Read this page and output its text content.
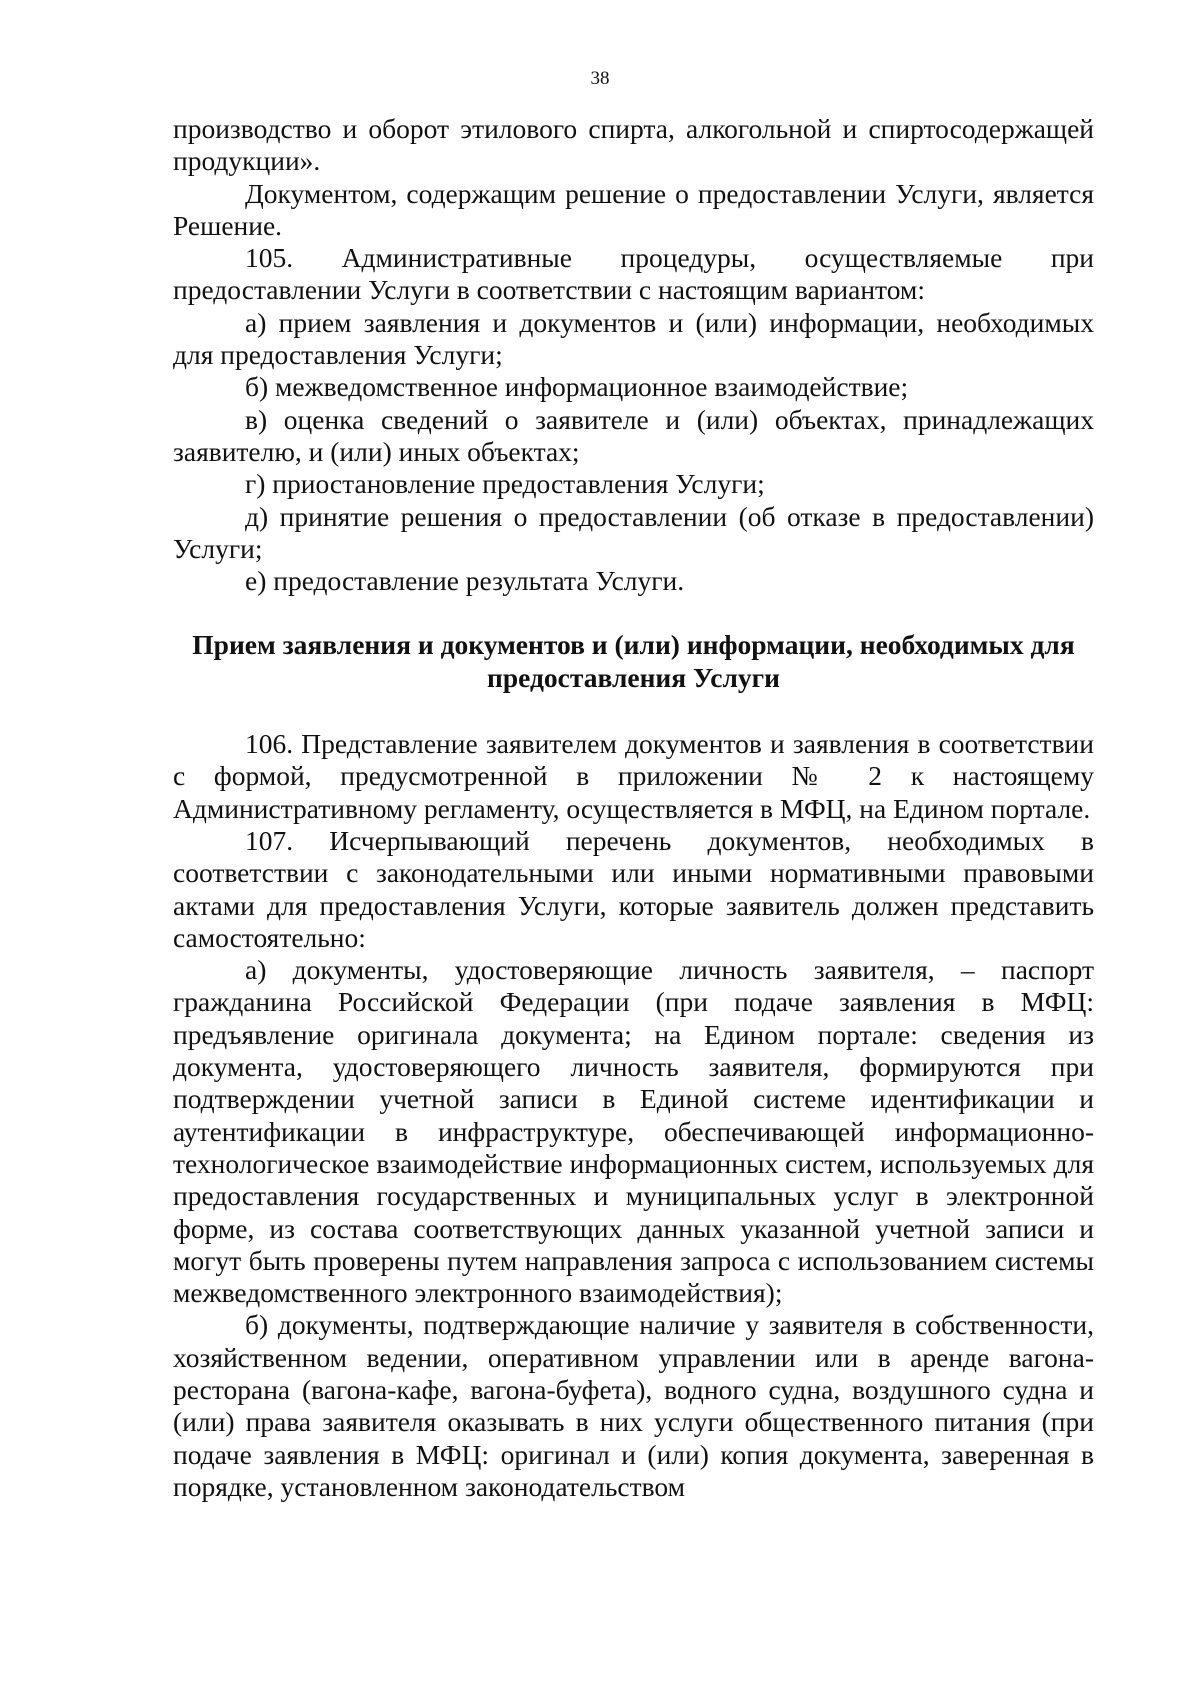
38

производство и оборот этилового спирта, алкогольной и спиртосодержащей продукции».

Документом, содержащим решение о предоставлении Услуги, является Решение.

105. Административные процедуры, осуществляемые при предоставлении Услуги в соответствии с настоящим вариантом:

а) прием заявления и документов и (или) информации, необходимых для предоставления Услуги;

б) межведомственное информационное взаимодействие;

в) оценка сведений о заявителе и (или) объектах, принадлежащих заявителю, и (или) иных объектах;

г) приостановление предоставления Услуги;

д) принятие решения о предоставлении (об отказе в предоставлении) Услуги;

е) предоставление результата Услуги.

Прием заявления и документов и (или) информации, необходимых для предоставления Услуги

106. Представление заявителем документов и заявления в соответствии с формой, предусмотренной в приложении № 2 к настоящему Административному регламенту, осуществляется в МФЦ, на Едином портале.

107. Исчерпывающий перечень документов, необходимых в соответствии с законодательными или иными нормативными правовыми актами для предоставления Услуги, которые заявитель должен представить самостоятельно:

а) документы, удостоверяющие личность заявителя, – паспорт гражданина Российской Федерации (при подаче заявления в МФЦ: предъявление оригинала документа; на Едином портале: сведения из документа, удостоверяющего личность заявителя, формируются при подтверждении учетной записи в Единой системе идентификации и аутентификации в инфраструктуре, обеспечивающей информационно-технологическое взаимодействие информационных систем, используемых для предоставления государственных и муниципальных услуг в электронной форме, из состава соответствующих данных указанной учетной записи и могут быть проверены путем направления запроса с использованием системы межведомственного электронного взаимодействия);

б) документы, подтверждающие наличие у заявителя в собственности, хозяйственном ведении, оперативном управлении или в аренде вагона-ресторана (вагона-кафе, вагона-буфета), водного судна, воздушного судна и (или) права заявителя оказывать в них услуги общественного питания (при подаче заявления в МФЦ: оригинал и (или) копия документа, заверенная в порядке, установленном законодательством
